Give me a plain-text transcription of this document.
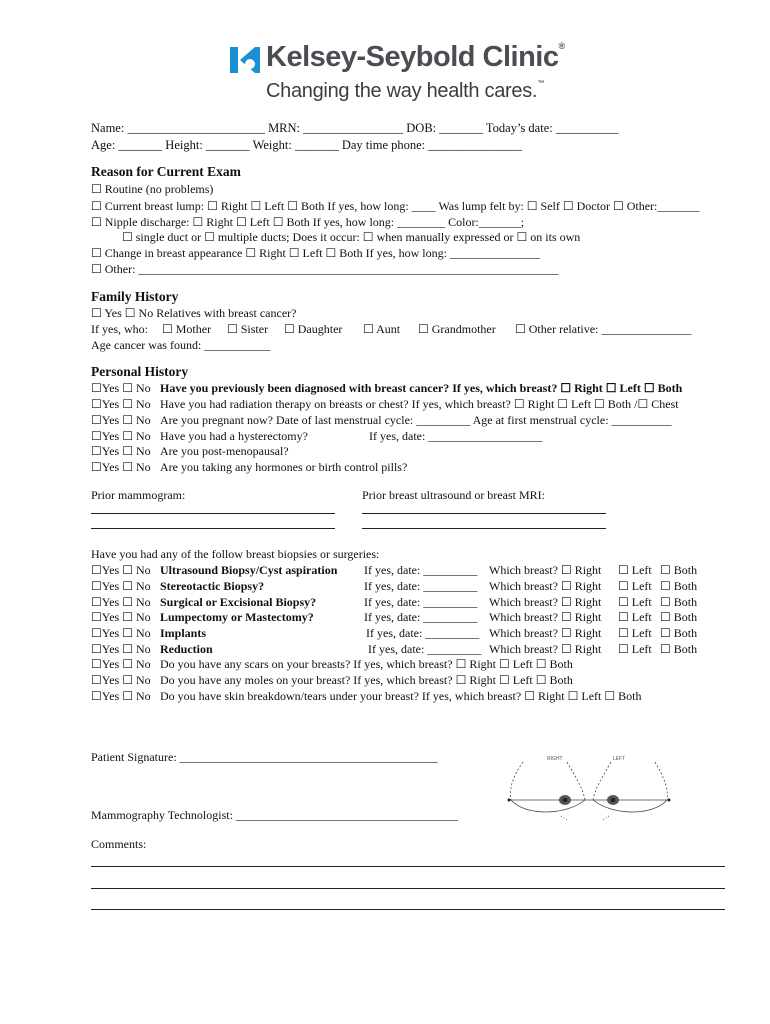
Kelsey-Seybold Clinic®
Changing the way health cares.™
Name: ______________________ MRN: ________________ DOB: _______ Today’s date: __________
Age: _______ Height: _______ Weight: _______ Day time phone: _______________
Reason for Current Exam
☐ Routine (no problems)
☐ Current breast lump: ☐ Right ☐ Left ☐ Both If yes, how long: ____ Was lump felt by: ☐ Self ☐ Doctor ☐ Other:_______
☐ Nipple discharge: ☐ Right ☐ Left ☐ Both If yes, how long: ________ Color:_______;
☐ single duct or ☐ multiple ducts; Does it occur: ☐ when manually expressed or ☐ on its own
☐ Change in breast appearance ☐ Right ☐ Left ☐ Both If yes, how long: _______________
☐ Other: ______________________________________________________________________
Family History
☐ Yes ☐ No Relatives with breast cancer?
If yes, who: ☐ Mother ☐ Sister ☐ Daughter ☐ Aunt ☐ Grandmother ☐ Other relative: _______________
Age cancer was found: ___________
Personal History
☐Yes ☐ No Have you previously been diagnosed with breast cancer? If yes, which breast? ☐ Right ☐ Left ☐ Both
☐Yes ☐ No Have you had radiation therapy on breasts or chest? If yes, which breast? ☐ Right ☐ Left ☐ Both /☐ Chest
☐Yes ☐ No Are you pregnant now? Date of last menstrual cycle: _________ Age at first menstrual cycle: __________
☐Yes ☐ No Have you had a hysterectomy?	If yes, date: ___________________
☐Yes ☐ No Are you post-menopausal?
☐Yes ☐ No Are you taking any hormones or birth control pills?
Prior mammogram:	Prior breast ultrasound or breast MRI:
Have you had any of the follow breast biopsies or surgeries:
☐Yes ☐ No Ultrasound Biopsy/Cyst aspiration If yes, date: _________ Which breast? ☐ Right ☐ Left ☐ Both
☐Yes ☐ No Stereotactic Biopsy?	If yes, date: _________ Which breast? ☐ Right ☐ Left ☐ Both
☐Yes ☐ No Surgical or Excisional Biopsy?	If yes, date: _________ Which breast? ☐ Right ☐ Left ☐ Both
☐Yes ☐ No Lumpectomy or Mastectomy?	If yes, date: _________ Which breast? ☐ Right ☐ Left ☐ Both
☐Yes ☐ No Implants	If yes, date: _________ Which breast? ☐ Right ☐ Left ☐ Both
☐Yes ☐ No Reduction	If yes, date: _________ Which breast? ☐ Right ☐ Left ☐ Both
☐Yes ☐ No Do you have any scars on your breasts? If yes, which breast? ☐ Right ☐ Left ☐ Both
☐Yes ☐ No Do you have any moles on your breast? If yes, which breast? ☐ Right ☐ Left ☐ Both
☐Yes ☐ No Do you have skin breakdown/tears under your breast? If yes, which breast? ☐ Right ☐ Left ☐ Both
Patient Signature: ___________________________________________
Mammography Technologist: _____________________________________
RIGHT	LEFT
Comments:
